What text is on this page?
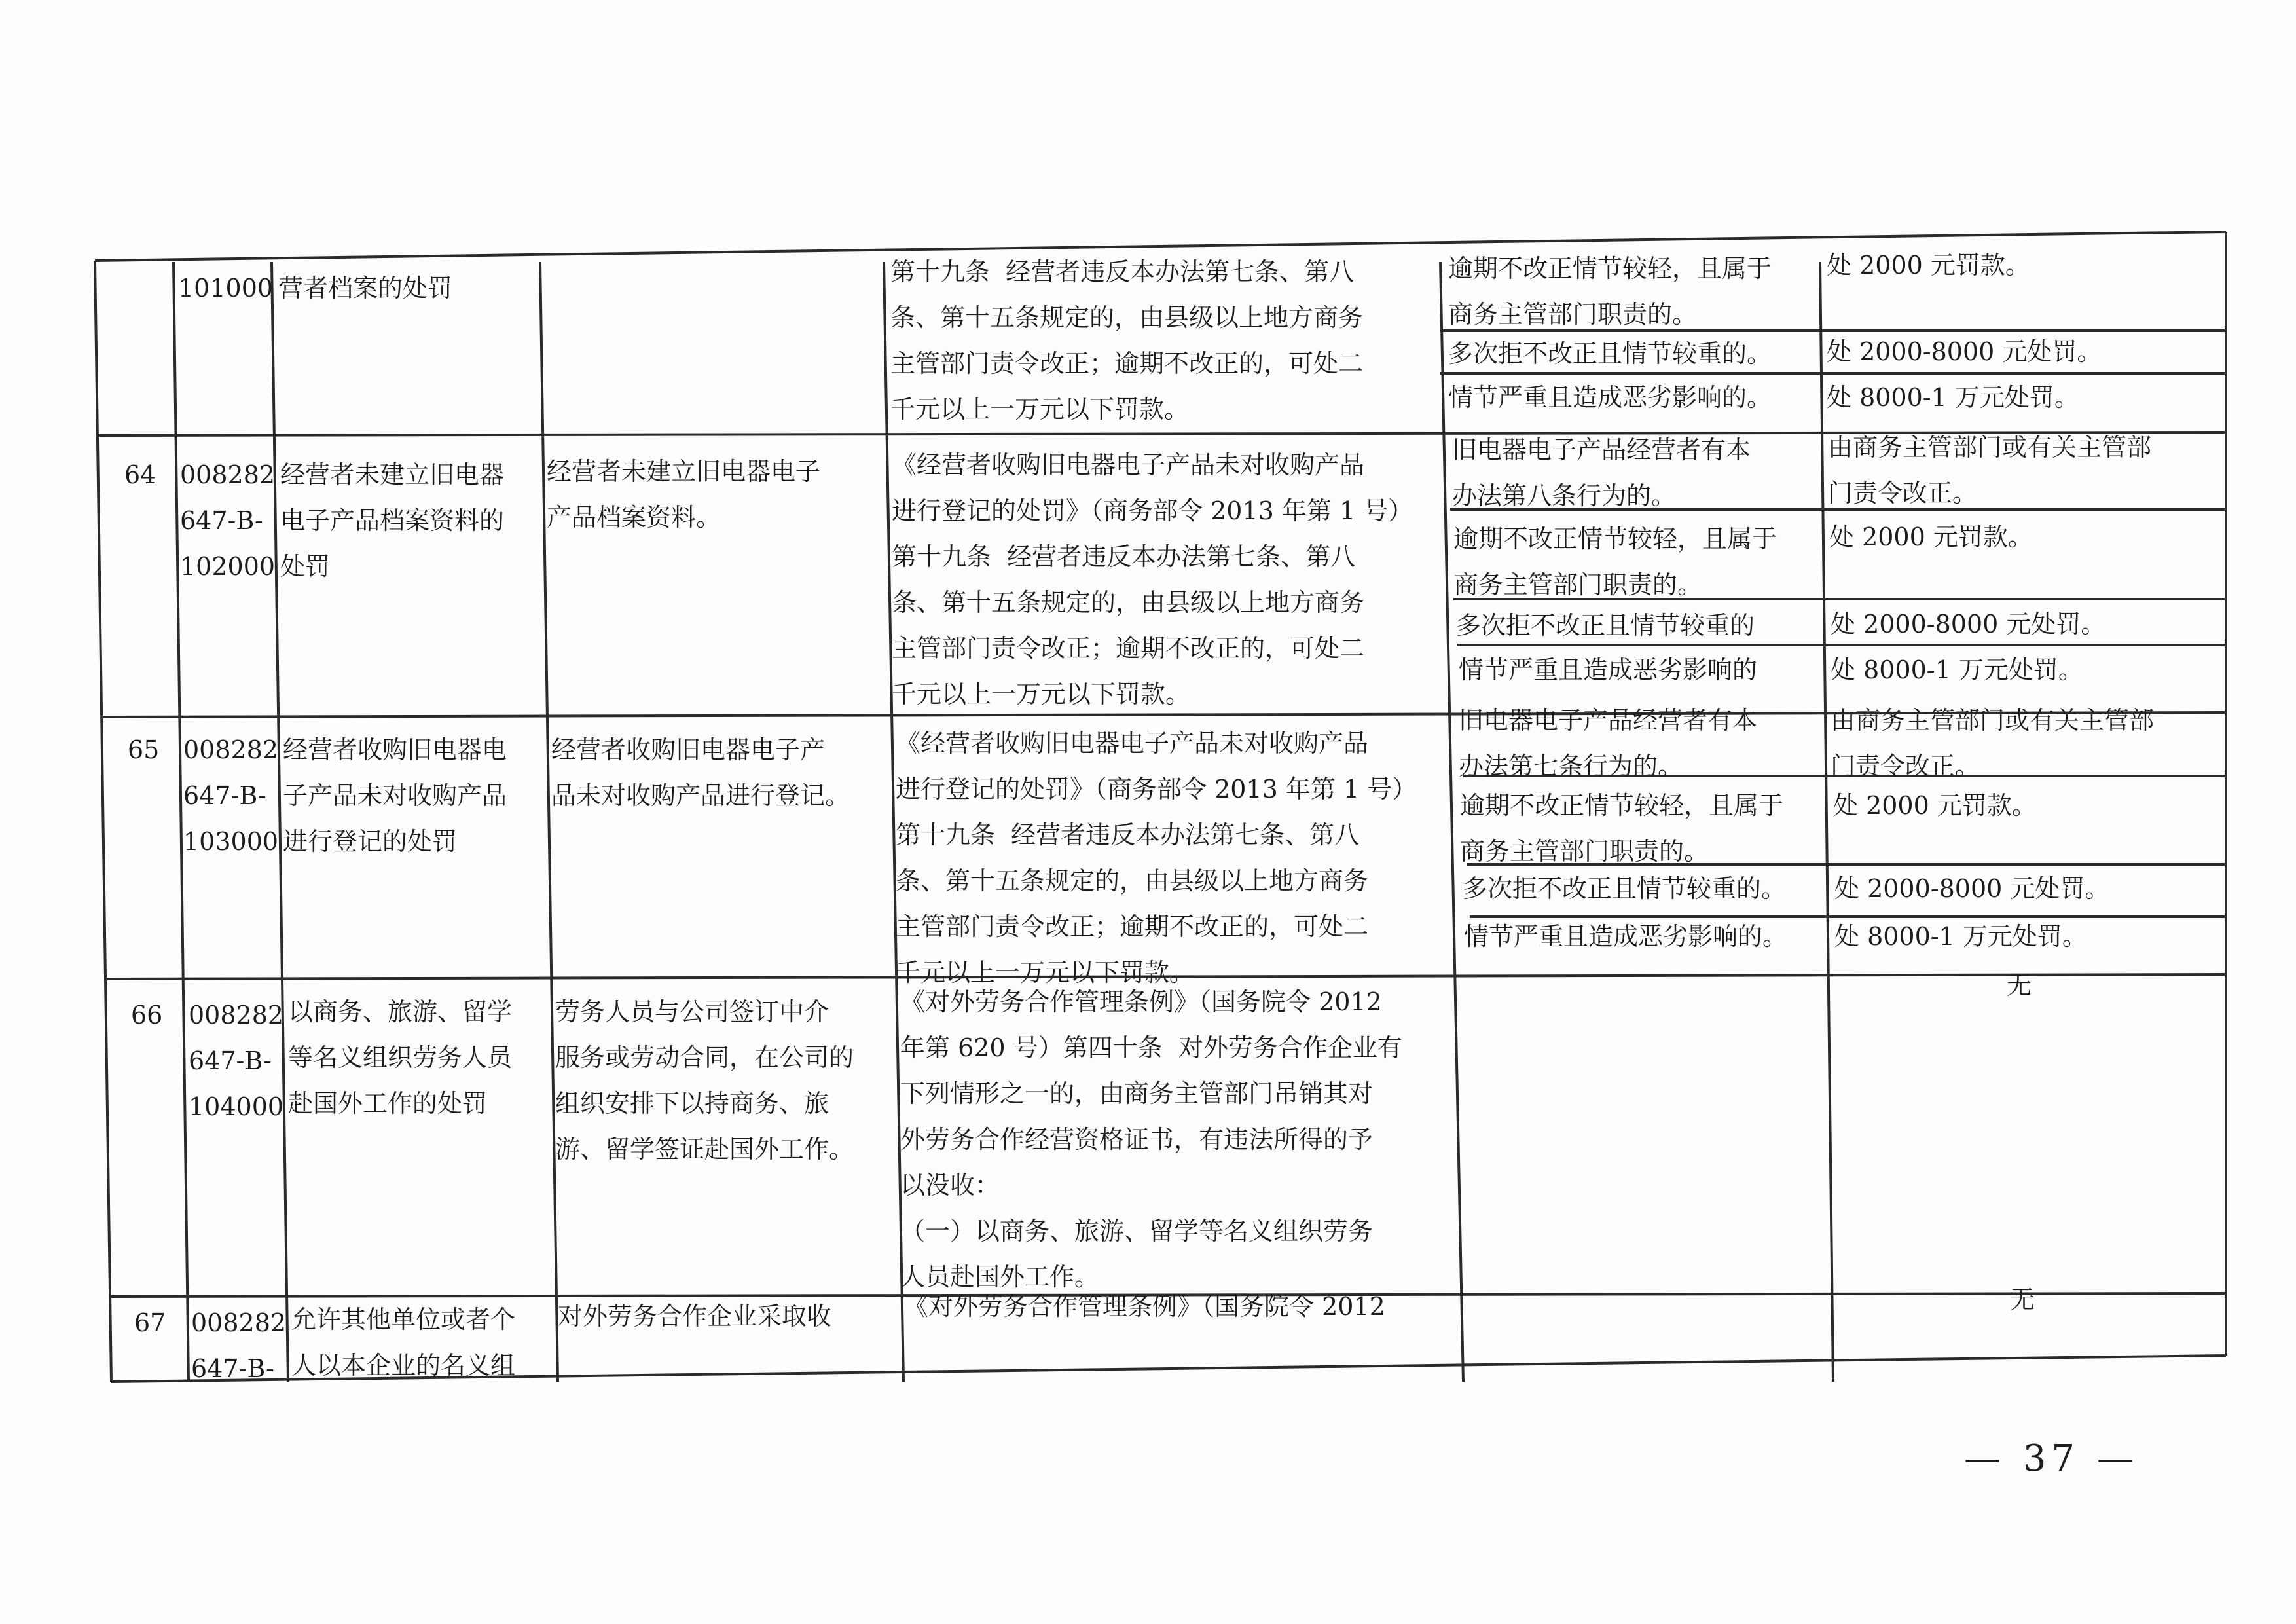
101000 营者档案的处罚
第十九条  经营者违反本办法第七条、第八
条、第十五条规定的，由县级以上地方商务
主管部门责令改正；逾期不改正的，可处二
千元以上一万元以下罚款。
逾期不改正情节较轻，且属于
商务主管部门职责的。
多次拒不改正且情节较重的。
情节严重且造成恶劣影响的。
处 2000 元罚款。
处 2000-8000 元处罚。
处 8000-1 万元处罚。
64 008282
647-B-
102000
经营者未建立旧电器
电子产品档案资料的
处罚
经营者未建立旧电器电子
产品档案资料。
《经营者收购旧电器电子产品未对收购产品
进行登记的处罚》（商务部令 2013 年第 1 号）
第十九条  经营者违反本办法第七条、第八
条、第十五条规定的，由县级以上地方商务
主管部门责令改正；逾期不改正的，可处二
千元以上一万元以下罚款。
旧电器电子产品经营者有本
办法第八条行为的。
逾期不改正情节较轻，且属于
商务主管部门职责的。
多次拒不改正且情节较重的
情节严重且造成恶劣影响的
由商务主管部门或有关主管部
门责令改正。
处 2000 元罚款。
处 2000-8000 元处罚。
处 8000-1 万元处罚。
65 008282
647-B-
103000
经营者收购旧电器电
子产品未对收购产品
进行登记的处罚
经营者收购旧电器电子产
品未对收购产品进行登记。
《经营者收购旧电器电子产品未对收购产品
进行登记的处罚》（商务部令 2013 年第 1 号）
第十九条  经营者违反本办法第七条、第八
条、第十五条规定的，由县级以上地方商务
主管部门责令改正；逾期不改正的，可处二
千元以上一万元以下罚款。
旧电器电子产品经营者有本
办法第七条行为的。
逾期不改正情节较轻，且属于
商务主管部门职责的。
多次拒不改正且情节较重的。
情节严重且造成恶劣影响的。
由商务主管部门或有关主管部
门责令改正。
处 2000 元罚款。
处 2000-8000 元处罚。
处 8000-1 万元处罚。
66 008282
647-B-
104000
以商务、旅游、留学
等名义组织劳务人员
赴国外工作的处罚
劳务人员与公司签订中介
服务或劳动合同，在公司的
组织安排下以持商务、旅
游、留学签证赴国外工作。
《对外劳务合作管理条例》（国务院令 2012
年第 620 号）第四十条  对外劳务合作企业有
下列情形之一的，由商务主管部门吊销其对
外劳务合作经营资格证书，有违法所得的予
以没收：
（一）以商务、旅游、留学等名义组织劳务
人员赴国外工作。
无
67 008282
647-B-
允许其他单位或者个
人以本企业的名义组
对外劳务合作企业采取收	《对外劳务合作管理条例》（国务院令 2012	无
— 37 —
